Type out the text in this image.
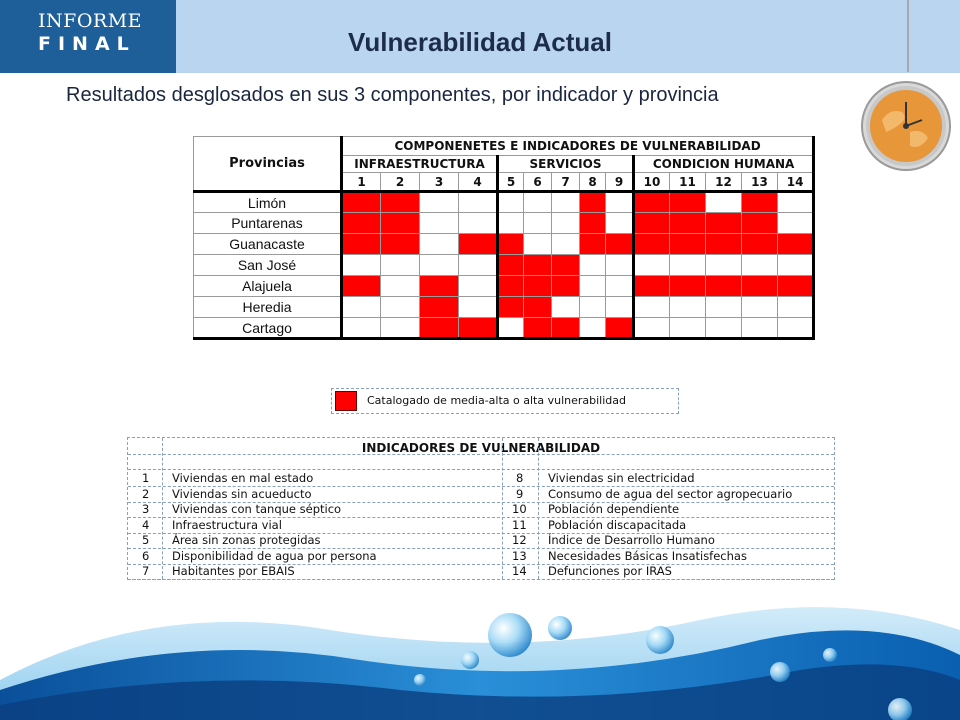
INFORME
FINAL	Vulnerabilidad Actual
Resultados desglosados en sus 3 componentes, por indicador y provincia
Provincias	COMPONENETES E INDICADORES DE VULNERABILIDAD													
	INFRAESTRUCTURA				SERVICIOS					CONDICION HUMANA				
	1	2	3	4	5	6	7	8	9	10	11	12	13	14
Limón														
Puntarenas														
Guanacaste														
San José														
Alajuela														
Heredia														
Cartago														
Catalogado de media-alta o alta vulnerabilidad
INDICADORES DE VULNERABILIDAD
1 Viviendas en mal estado	8 Viviendas sin electricidad
2 Viviendas sin acueducto	9 Consumo de agua del sector agropecuario
3 Viviendas con tanque séptico	10 Población dependiente
4 Infraestructura vial	11 Población discapacitada
5 Área sin zonas protegidas	12 Índice de Desarrollo Humano
6 Disponibilidad de agua por persona	13 Necesidades Básicas Insatisfechas
7 Habitantes por EBAIS	14 Defunciones por IRAS
